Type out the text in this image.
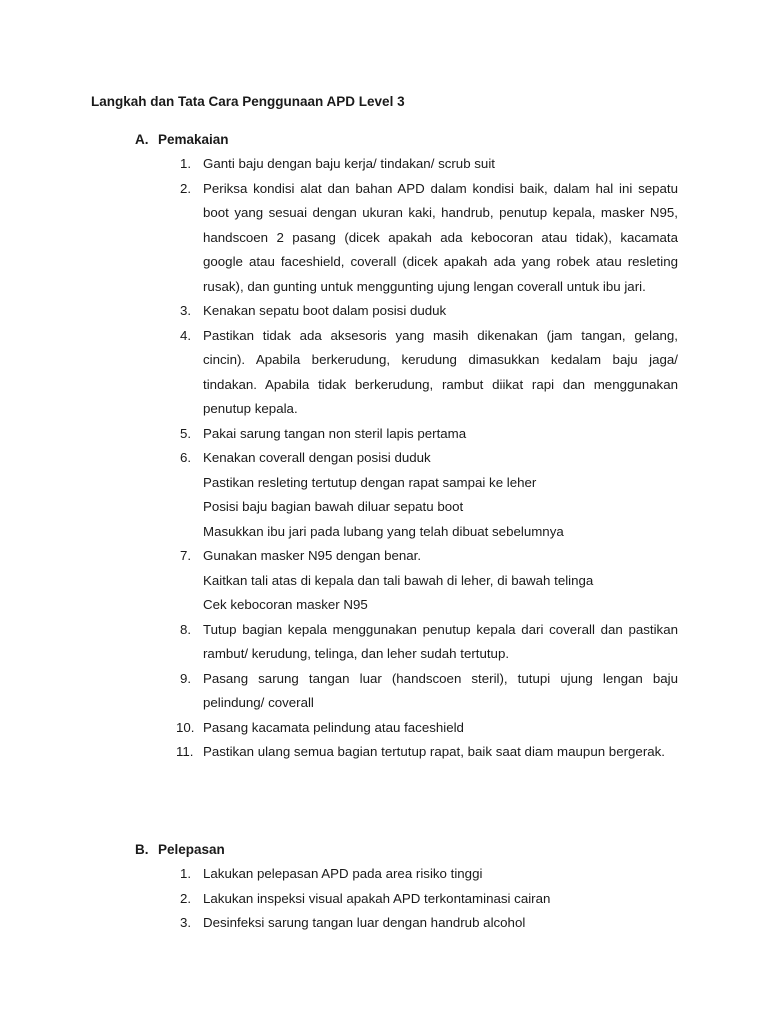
Langkah dan Tata Cara Penggunaan APD Level 3
A. Pemakaian
1. Ganti baju dengan baju kerja/ tindakan/ scrub suit
2. Periksa kondisi alat dan bahan APD dalam kondisi baik, dalam hal ini sepatu boot yang sesuai dengan ukuran kaki, handrub, penutup kepala, masker N95, handscoen 2 pasang (dicek apakah ada kebocoran atau tidak), kacamata google atau faceshield, coverall (dicek apakah ada yang robek atau resleting rusak), dan gunting untuk menggunting ujung lengan coverall untuk ibu jari.
3. Kenakan sepatu boot dalam posisi duduk
4. Pastikan tidak ada aksesoris yang masih dikenakan (jam tangan, gelang, cincin). Apabila berkerudung, kerudung dimasukkan kedalam baju jaga/ tindakan. Apabila tidak berkerudung, rambut diikat rapi dan menggunakan penutup kepala.
5. Pakai sarung tangan non steril lapis pertama
6. Kenakan coverall dengan posisi duduk
Pastikan resleting tertutup dengan rapat sampai ke leher
Posisi baju bagian bawah diluar sepatu boot
Masukkan ibu jari pada lubang yang telah dibuat sebelumnya
7. Gunakan masker N95 dengan benar.
Kaitkan tali atas di kepala dan tali bawah di leher, di bawah telinga
Cek kebocoran masker N95
8. Tutup bagian kepala menggunakan penutup kepala dari coverall dan pastikan rambut/ kerudung, telinga, dan leher sudah tertutup.
9. Pasang sarung tangan luar (handscoen steril), tutupi ujung lengan baju pelindung/ coverall
10. Pasang kacamata pelindung atau faceshield
11. Pastikan ulang semua bagian tertutup rapat, baik saat diam maupun bergerak.
B. Pelepasan
1. Lakukan pelepasan APD pada area risiko tinggi
2. Lakukan inspeksi visual apakah APD terkontaminasi cairan
3. Desinfeksi sarung tangan luar dengan handrub alcohol
